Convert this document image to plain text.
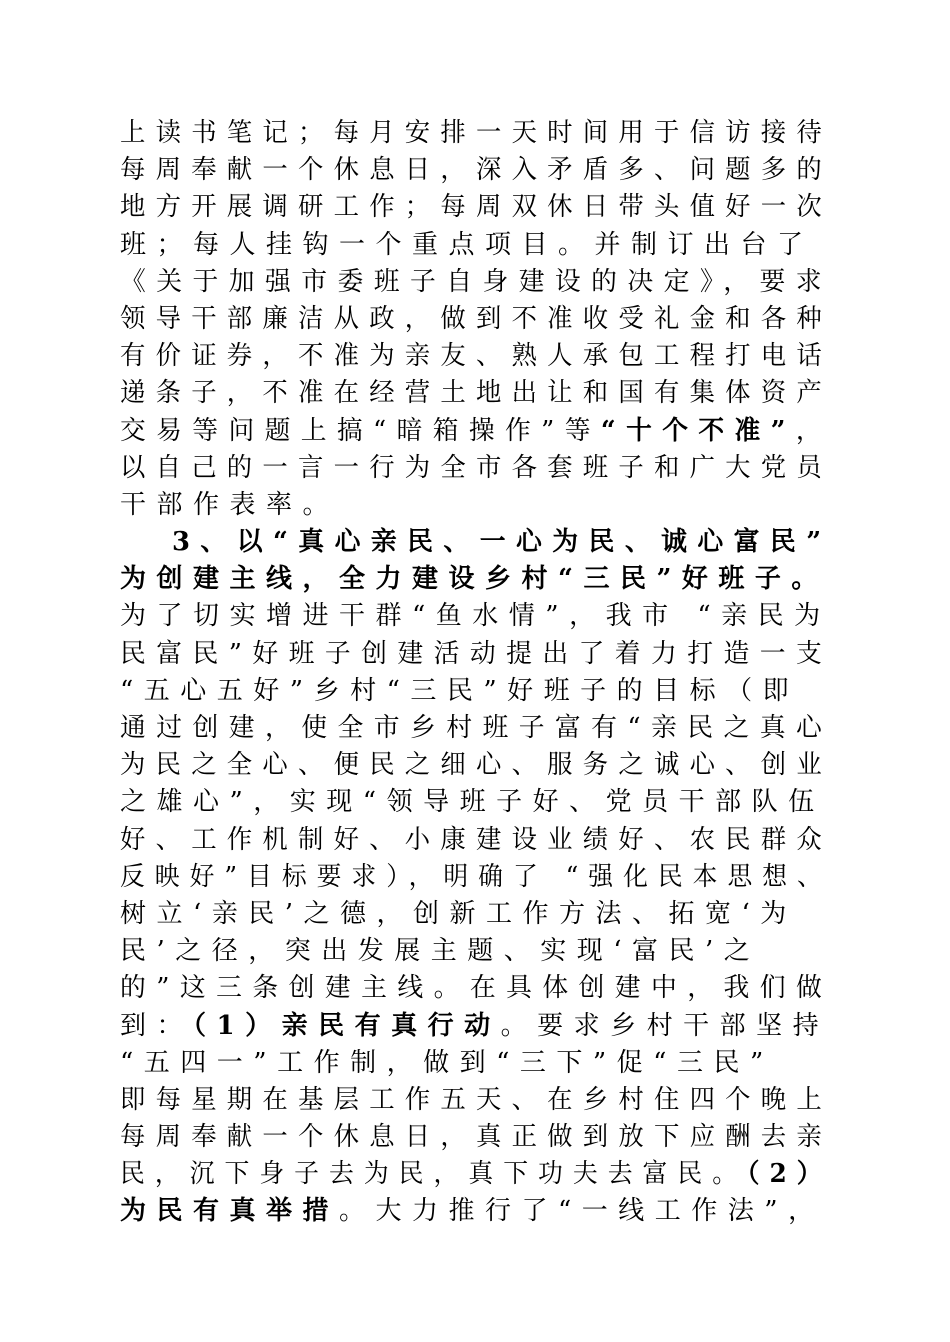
上读书笔记；每月安排一天时间用于信访接待
每周奉献一个休息日，深入矛盾多、问题多的
地方开展调研工作；每周双休日带头值好一次
班；每人挂钩一个重点项目。并制订出台了
《关于加强市委班子自身建设的决定》，要求
领导干部廉洁从政，做到不准收受礼金和各种
有价证券，不准为亲友、熟人承包工程打电话
递条子，不准在经营土地出让和国有集体资产
交易等问题上搞“暗箱操作”等“十个不准”，
以自己的一言一行为全市各套班子和广大党员
干部作表率。
3、以“真心亲民、一心为民、诚心富民”
为创建主线，全力建设乡村“三民”好班子。
为了切实增进干群“鱼水情”，我市 “亲民为
民富民”好班子创建活动提出了着力打造一支
“五心五好”乡村“三民”好班子的目标（即
通过创建，使全市乡村班子富有“亲民之真心
为民之全心、便民之细心、服务之诚心、创业
之雄心”，实现“领导班子好、党员干部队伍
好、工作机制好、小康建设业绩好、农民群众
反映好”目标要求），明确了 “强化民本思想、
树立‘亲民’之德，创新工作方法、拓宽‘为
民’之径，突出发展主题、实现‘富民’之
的”这三条创建主线。在具体创建中，我们做
到：（1）亲民有真行动。要求乡村干部坚持
“五四一”工作制，做到“三下”促“三民”
即每星期在基层工作五天、在乡村住四个晚上
每周奉献一个休息日，真正做到放下应酬去亲
民，沉下身子去为民，真下功夫去富民。（2）
为民有真举措。大力推行了“一线工作法”，
